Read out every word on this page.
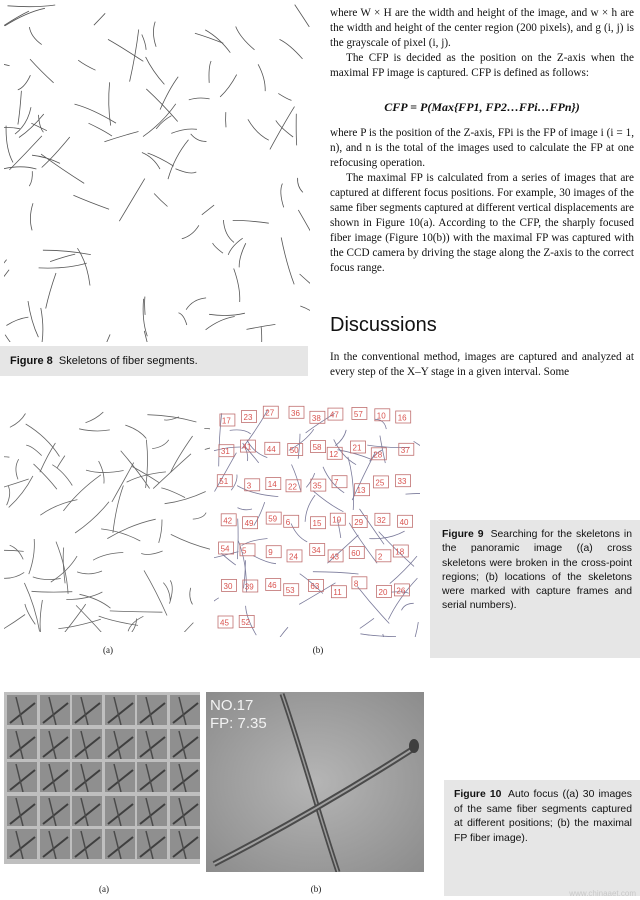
Figure 8 Skeletons of fiber segments.

where W × H are the width and height of the image, and w × h are the width and height of the center region (200 pixels), and g (i, j) is the grayscale of pixel (i, j).

The CFP is decided as the position on the Z-axis when the maximal FP image is captured. CFP is defined as follows:

CFP = P(Max{FP1, FP2…FPi…FPn})

where P is the position of the Z-axis, FPi is the FP of image i (i = 1, n), and n is the total of the images used to calculate the FP at one refocusing operation.

The maximal FP is calculated from a series of images that are captured at different focus positions. For example, 30 images of the same fiber segments captured at different vertical displacements are shown in Figure 10(a). According to the CFP, the sharply focused fiber image (Figure 10(b)) with the maximal FP was captured with the CCD camera by driving the stage along the Z-axis to the correct focus range.

Discussions
In the conventional method, images are captured and analyzed at every step of the X–Y stage in a given interval. Some
17 23 27 36
38 47 57 10 16
31
41 44 50 58
12
21
28 37
51 3 14 22 35 7
13
25 33
42 49
59 6	15 19 29 32 40
54 5	9 24
34
43 60 2
18
30 39 46
53 63
11
8
20 26
45 52
(a)	(b)
Figure 9 Searching for the skeletons in the panoramic image ((a) cross skeletons were broken in the cross-point regions; (b) locations of the skeletons were marked with capture frames and serial numbers).
NO.17
FP: 7.35
(a)	(b)
Figure 10 Auto focus ((a) 30 images of the same fiber segments captured at different positions; (b) the maximal FP fiber image).
www.chinaaet.com
